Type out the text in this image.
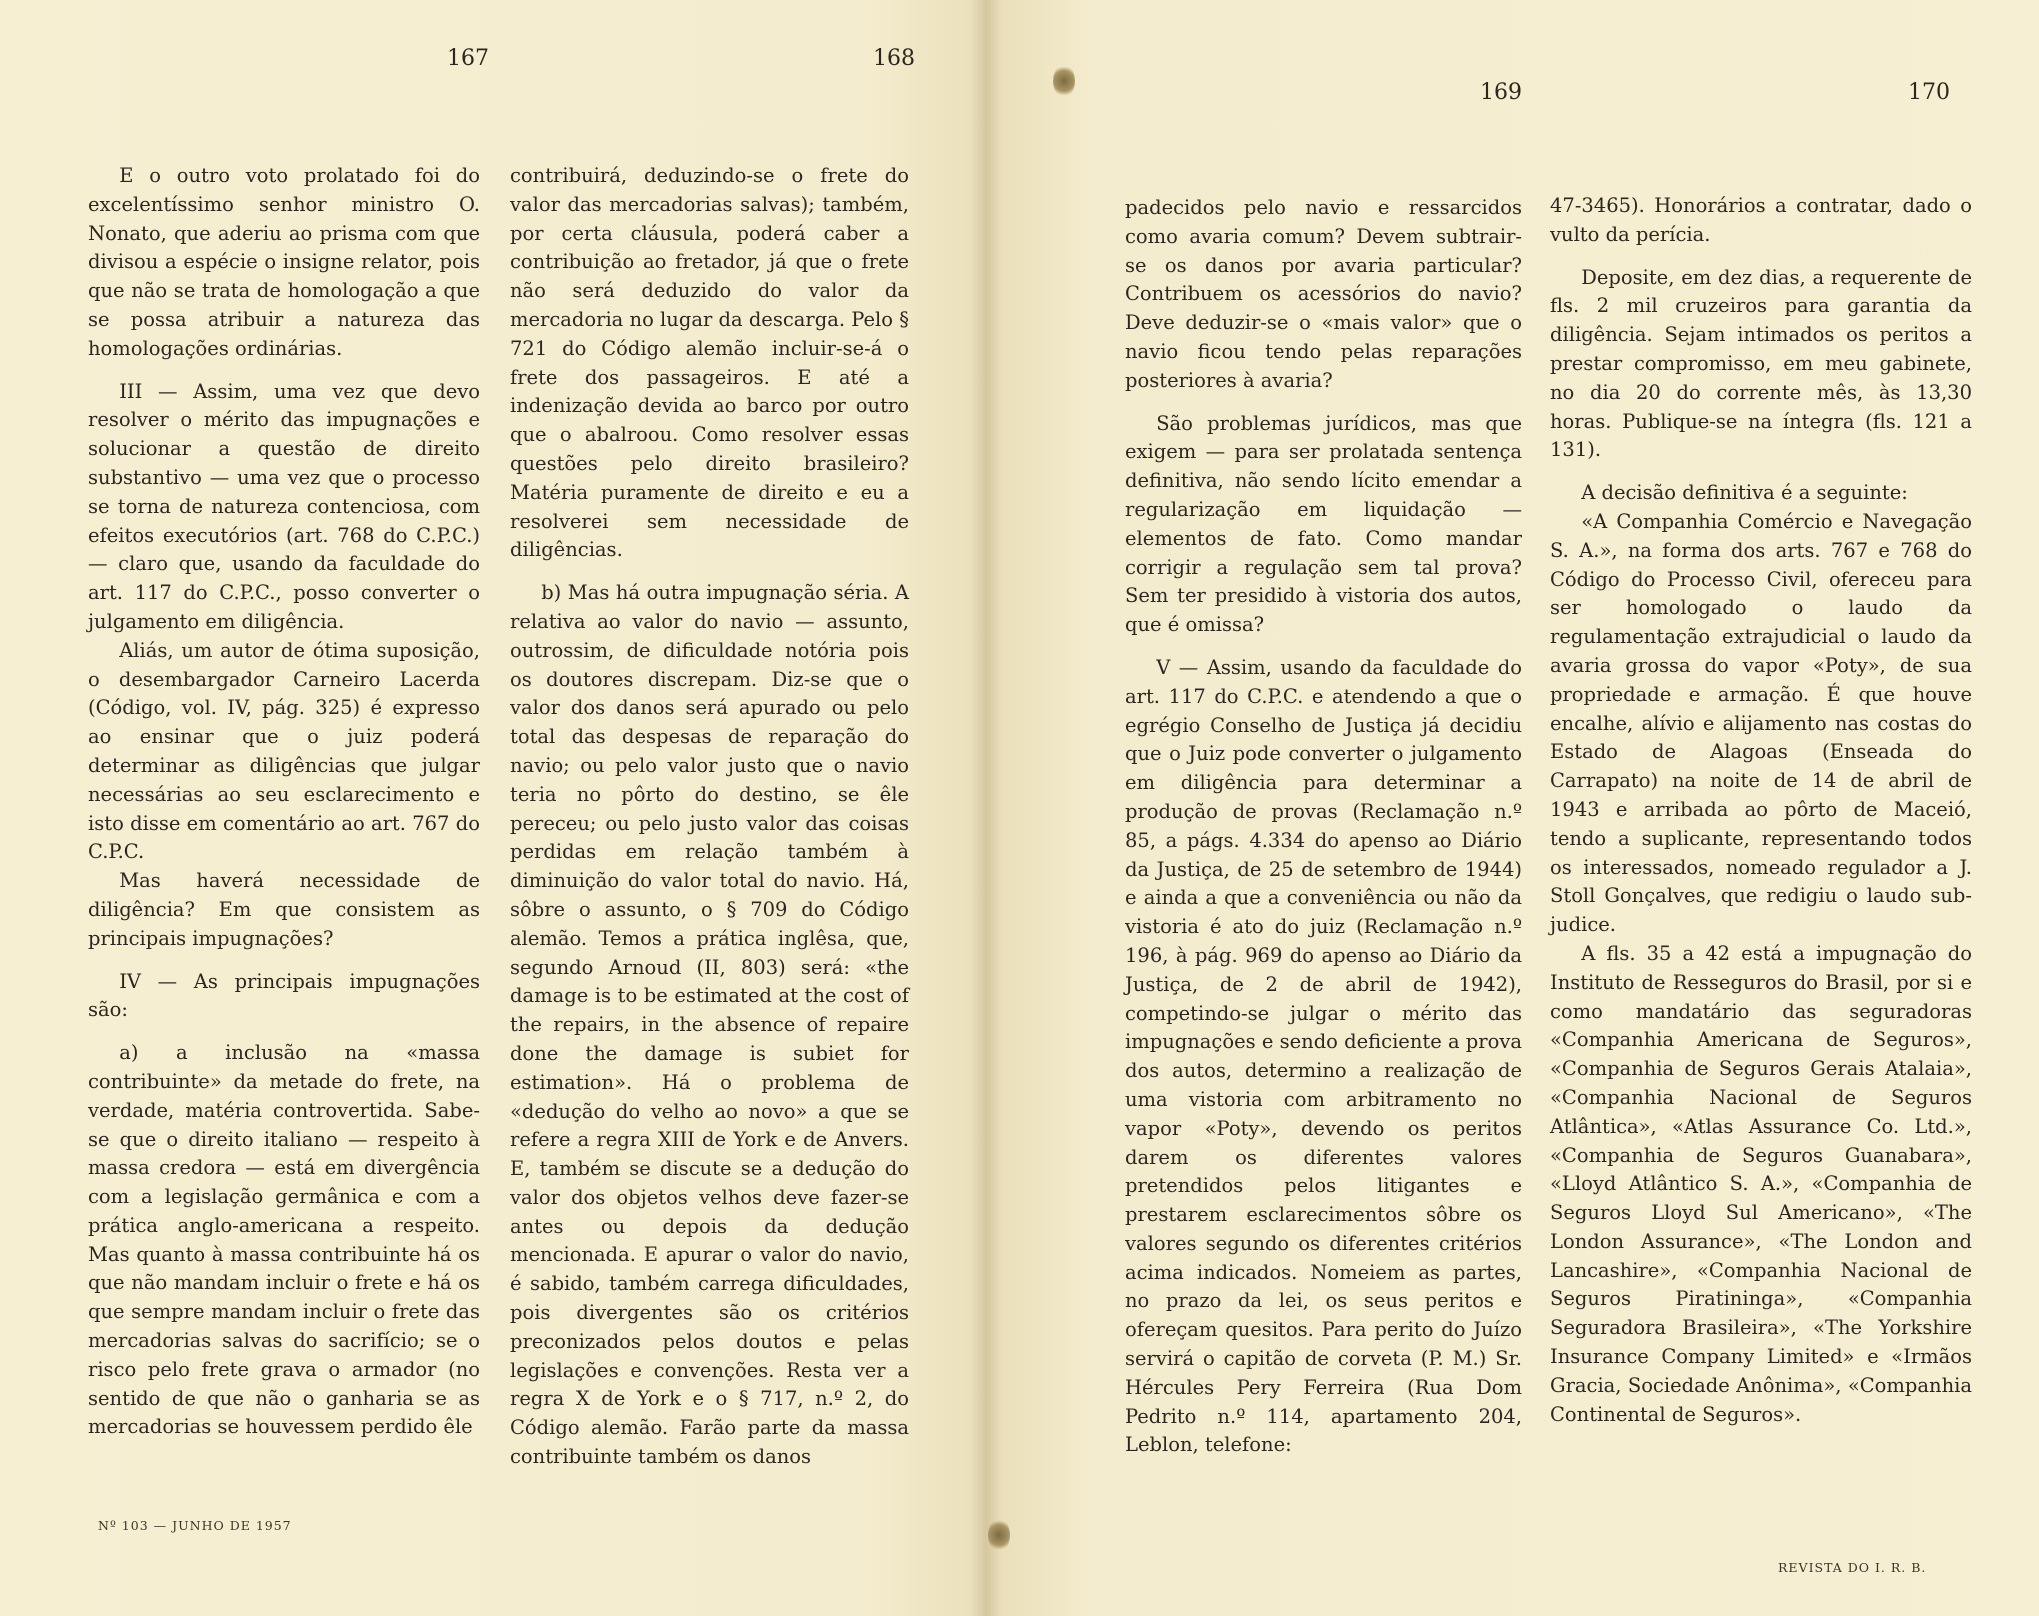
167

E o outro voto prolatado foi do excelentíssimo senhor ministro O. Nonato, que aderiu ao prisma com que divisou a espécie o insigne relator, pois que não se trata de homologação a que se possa atribuir a natureza das homologações ordinárias.

III — Assim, uma vez que devo resolver o mérito das impugnações e solucionar a questão de direito substantivo — uma vez que o processo se torna de natureza contenciosa, com efeitos executórios (art. 768 do C.P.C.) — claro que, usando da faculdade do art. 117 do C.P.C., posso converter o julgamento em diligência.

Aliás, um autor de ótima suposição, o desembargador Carneiro Lacerda (Código, vol. IV, pág. 325) é expresso ao ensinar que o juiz poderá determinar as diligências que julgar necessárias ao seu esclarecimento e isto disse em comentário ao art. 767 do C.P.C.

Mas haverá necessidade de diligência? Em que consistem as principais impugnações?

IV — As principais impugnações são:

a) a inclusão na «massa contribuinte» da metade do frete, na verdade, matéria controvertida. Sabe-se que o direito italiano — respeito à massa credora — está em divergência com a legislação germânica e com a prática anglo-americana a respeito. Mas quanto à massa contribuinte há os que não mandam incluir o frete e há os que sempre mandam incluir o frete das mercadorias salvas do sacrifício; se o risco pelo frete grava o armador (no sentido de que não o ganharia se as mercadorias se houvessem perdido êle

Nº 103 — JUNHO DE 1957
168

contribuirá, deduzindo-se o frete do valor das mercadorias salvas); também, por certa cláusula, poderá caber a contribuição ao fretador, já que o frete não será deduzido do valor da mercadoria no lugar da descarga. Pelo § 721 do Código alemão incluir-se-á o frete dos passageiros. E até a indenização devida ao barco por outro que o abalroou. Como resolver essas questões pelo direito brasileiro? Matéria puramente de direito e eu a resolverei sem necessidade de diligências.

b) Mas há outra impugnação séria. A relativa ao valor do navio — assunto, outrossim, de dificuldade notória pois os doutores discrepam. Diz-se que o valor dos danos será apurado ou pelo total das despesas de reparação do navio; ou pelo valor justo que o navio teria no pôrto do destino, se êle pereceu; ou pelo justo valor das coisas perdidas em relação também à diminuição do valor total do navio. Há, sôbre o assunto, o § 709 do Código alemão. Temos a prática inglêsa, que, segundo Arnoud (II, 803) será: «the damage is to be estimated at the cost of the repairs, in the absence of repaire done the damage is subiet for estimation». Há o problema de «dedução do velho ao novo» a que se refere a regra XIII de York e de Anvers. E, também se discute se a dedução do valor dos objetos velhos deve fazer-se antes ou depois da dedução mencionada. E apurar o valor do navio, é sabido, também carrega dificuldades, pois divergentes são os critérios preconizados pelos doutos e pelas legislações e convenções. Resta ver a regra X de York e o § 717, n.º 2, do Código alemão. Farão parte da massa contribuinte também os danos

169

padecidos pelo navio e ressarcidos como avaria comum? Devem subtrair-se os danos por avaria particular? Contribuem os acessórios do navio? Deve deduzir-se o «mais valor» que o navio ficou tendo pelas reparações posteriores à avaria?

São problemas jurídicos, mas que exigem — para ser prolatada sentença definitiva, não sendo lícito emendar a regularização em liquidação — elementos de fato. Como mandar corrigir a regulação sem tal prova? Sem ter presidido à vistoria dos autos, que é omissa?

V — Assim, usando da faculdade do art. 117 do C.P.C. e atendendo a que o egrégio Conselho de Justiça já decidiu que o Juiz pode converter o julgamento em diligência para determinar a produção de provas (Reclamação n.º 85, a págs. 4.334 do apenso ao Diário da Justiça, de 25 de setembro de 1944) e ainda a que a conveniência ou não da vistoria é ato do juiz (Reclamação n.º 196, à pág. 969 do apenso ao Diário da Justiça, de 2 de abril de 1942), competindo-se julgar o mérito das impugnações e sendo deficiente a prova dos autos, determino a realização de uma vistoria com arbitramento no vapor «Poty», devendo os peritos darem os diferentes valores pretendidos pelos litigantes e prestarem esclarecimentos sôbre os valores segundo os diferentes critérios acima indicados. Nomeiem as partes, no prazo da lei, os seus peritos e ofereçam quesitos. Para perito do Juízo servirá o capitão de corveta (P. M.) Sr. Hércules Pery Ferreira (Rua Dom Pedrito n.º 114, apartamento 204, Leblon, telefone:

170

47-3465). Honorários a contratar, dado o vulto da perícia.

Deposite, em dez dias, a requerente de fls. 2 mil cruzeiros para garantia da diligência. Sejam intimados os peritos a prestar compromisso, em meu gabinete, no dia 20 do corrente mês, às 13,30 horas. Publique-se na íntegra (fls. 121 a 131).

A decisão definitiva é a seguinte:

«A Companhia Comércio e Navegação S. A.», na forma dos arts. 767 e 768 do Código do Processo Civil, ofereceu para ser homologado o laudo da regulamentação extrajudicial o laudo da avaria grossa do vapor «Poty», de sua propriedade e armação. É que houve encalhe, alívio e alijamento nas costas do Estado de Alagoas (Enseada do Carrapato) na noite de 14 de abril de 1943 e arribada ao pôrto de Maceió, tendo a suplicante, representando todos os interessados, nomeado regulador a J. Stoll Gonçalves, que redigiu o laudo sub-judice.

A fls. 35 a 42 está a impugnação do Instituto de Resseguros do Brasil, por si e como mandatário das seguradoras «Companhia Americana de Seguros», «Companhia de Seguros Gerais Atalaia», «Companhia Nacional de Seguros Atlântica», «Atlas Assurance Co. Ltd.», «Companhia de Seguros Guanabara», «Lloyd Atlântico S. A.», «Companhia de Seguros Lloyd Sul Americano», «The London Assurance», «The London and Lancashire», «Companhia Nacional de Seguros Piratininga», «Companhia Seguradora Brasileira», «The Yorkshire Insurance Company Limited» e «Irmãos Gracia, Sociedade Anônima», «Companhia Continental de Seguros».

REVISTA DO I. R. B.
